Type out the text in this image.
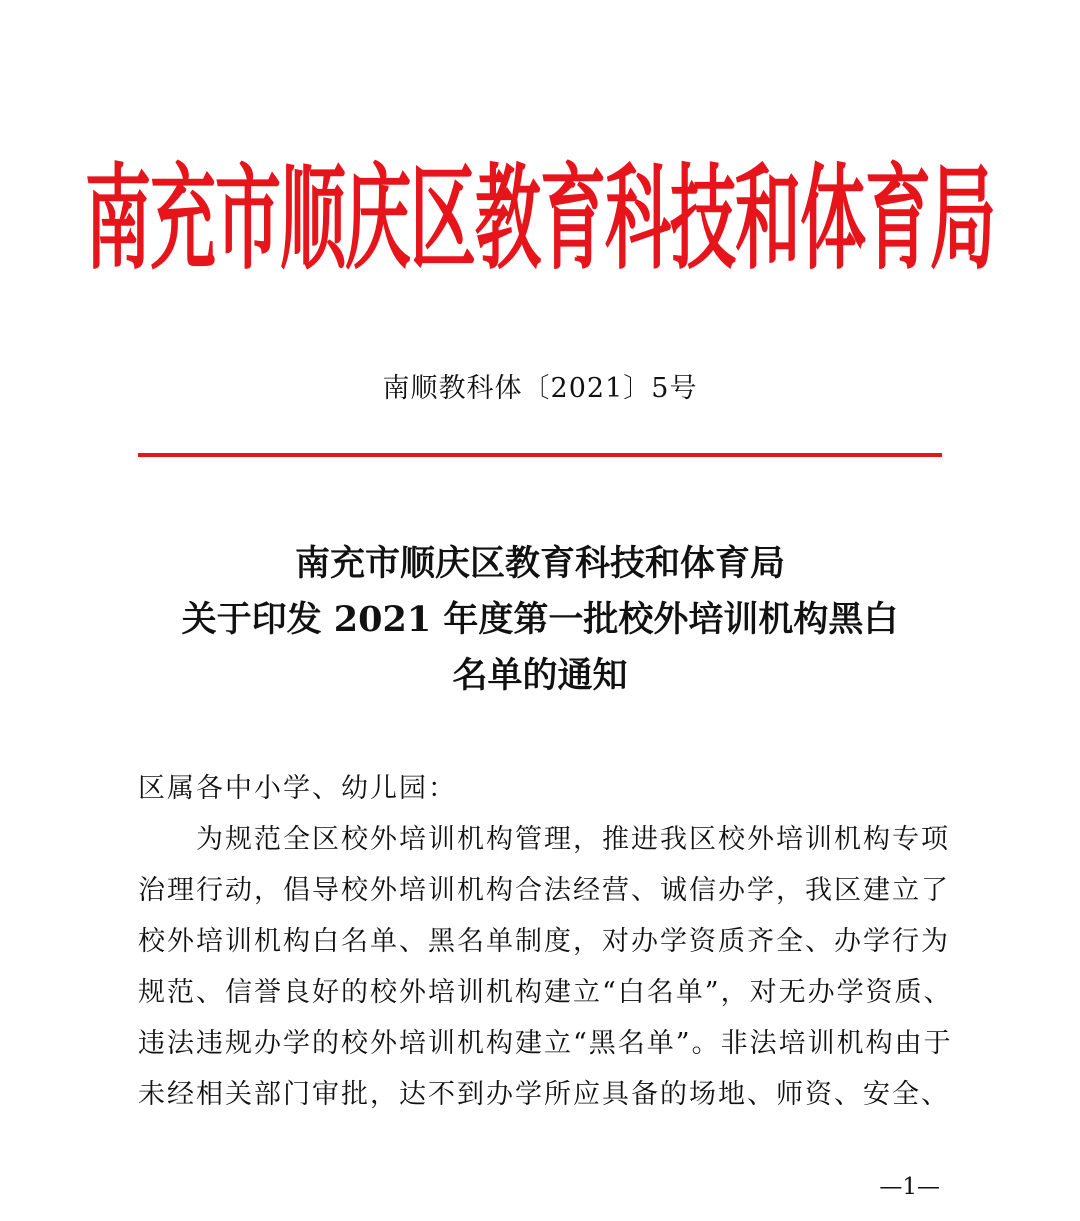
南充市顺庆区教育科技和体育局
南顺教科体〔2021〕5号
南充市顺庆区教育科技和体育局
关于印发 2021 年度第一批校外培训机构黑白
名单的通知
区属各中小学、幼儿园：
为规范全区校外培训机构管理，推进我区校外培训机构专项
治理行动，倡导校外培训机构合法经营、诚信办学，我区建立了
校外培训机构白名单、黑名单制度，对办学资质齐全、办学行为
规范、信誉良好的校外培训机构建立“白名单”，对无办学资质、
违法违规办学的校外培训机构建立“黑名单”。非法培训机构由于
未经相关部门审批，达不到办学所应具备的场地、师资、安全、
—1—
